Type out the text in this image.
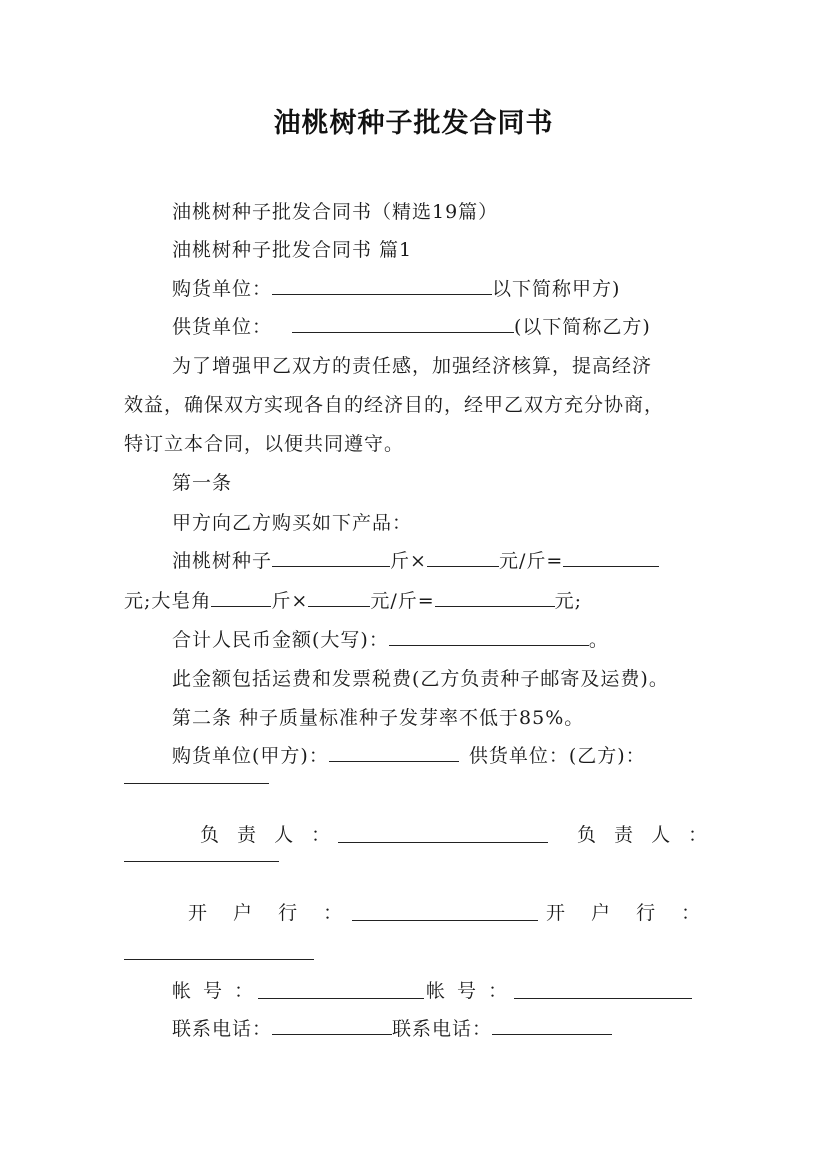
油桃树种子批发合同书
油桃树种子批发合同书（精选19篇）
油桃树种子批发合同书 篇1
购货单位：	以下简称甲方)
供货单位：	(以下简称乙方)
为了增强甲乙双方的责任感，加强经济核算，提高经济
效益，确保双方实现各自的经济目的，经甲乙双方充分协商，
特订立本合同，以便共同遵守。
第一条
甲方向乙方购买如下产品：
油桃树种子	斤×	元/斤=
元;大皂角	斤×	元/斤=	元;
合计人民币金额(大写)：	。
此金额包括运费和发票税费(乙方负责种子邮寄及运费)。
第二条 种子质量标准种子发芽率不低于85%。
购货单位(甲方)：	供货单位：(乙方)：
负 责 人 ：	负 责 人 ：
开 户 行 ：	开 户 行 ：
帐 号 ：	帐 号 ：
联系电话：	联系电话：
